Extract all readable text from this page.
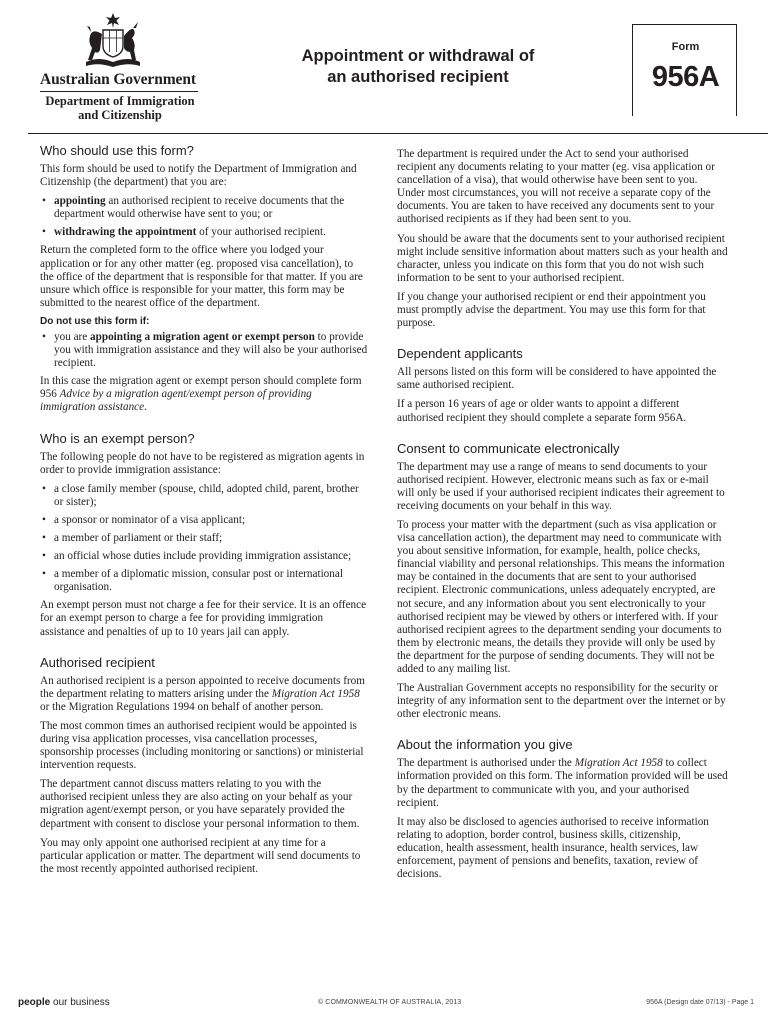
Australian Government
Department of Immigration
and Citizenship
Appointment or withdrawal of
an authorised recipient
Form
956A
Who should use this form?

This form should be used to notify the Department of Immigration and Citizenship (the department) that you are:

• appointing an authorised recipient to receive documents that the department would otherwise have sent to you; or
• withdrawing the appointment of your authorised recipient.

Return the completed form to the office where you lodged your application or for any other matter (eg. proposed visa cancellation), to the office of the department that is responsible for that matter. If you are unsure which office is responsible for your matter, this form may be submitted to the nearest office of the department.

Do not use this form if:
• you are appointing a migration agent or exempt person to provide you with immigration assistance and they will also be your authorised recipient.

In this case the migration agent or exempt person should complete form 956 Advice by a migration agent/exempt person of providing immigration assistance.

Who is an exempt person?

The following people do not have to be registered as migration agents in order to provide immigration assistance:

• a close family member (spouse, child, adopted child, parent, brother or sister);
• a sponsor or nominator of a visa applicant;
• a member of parliament or their staff;
• an official whose duties include providing immigration assistance;
• a member of a diplomatic mission, consular post or international organisation.

An exempt person must not charge a fee for their service. It is an offence for an exempt person to charge a fee for providing immigration assistance and penalties of up to 10 years jail can apply.

Authorised recipient

An authorised recipient is a person appointed to receive documents from the department relating to matters arising under the Migration Act 1958 or the Migration Regulations 1994 on behalf of another person.

The most common times an authorised recipient would be appointed is during visa application processes, visa cancellation processes, sponsorship processes (including monitoring or sanctions) or ministerial intervention requests.

The department cannot discuss matters relating to you with the authorised recipient unless they are also acting on your behalf as your migration agent/exempt person, or you have separately provided the department with consent to disclose your personal information to them.

You may only appoint one authorised recipient at any time for a particular application or matter. The department will send documents to the most recently appointed authorised recipient.

The department is required under the Act to send your authorised recipient any documents relating to your matter (eg. visa application or cancellation of a visa), that would otherwise have been sent to you. Under most circumstances, you will not receive a separate copy of the documents. You are taken to have received any documents sent to your authorised recipients as if they had been sent to you.

You should be aware that the documents sent to your authorised recipient might include sensitive information about matters such as your health and character, unless you indicate on this form that you do not wish such information to be sent to your authorised recipient.

If you change your authorised recipient or end their appointment you must promptly advise the department. You may use this form for that purpose.

Dependent applicants

All persons listed on this form will be considered to have appointed the same authorised recipient.

If a person 16 years of age or older wants to appoint a different authorised recipient they should complete a separate form 956A.

Consent to communicate electronically

The department may use a range of means to send documents to your authorised recipient. However, electronic means such as fax or e-mail will only be used if your authorised recipient indicates their agreement to receiving documents on your behalf in this way.

To process your matter with the department (such as visa application or visa cancellation action), the department may need to communicate with you about sensitive information, for example, health, police checks, financial viability and personal relationships. This means the information may be contained in the documents that are sent to your authorised recipient. Electronic communications, unless adequately encrypted, are not secure, and any information about you sent electronically to your authorised recipient may be viewed by others or interfered with. If your authorised recipient agrees to the department sending your documents to them by electronic means, the details they provide will only be used by the department for the purpose of sending documents. They will not be added to any mailing list.

The Australian Government accepts no responsibility for the security or integrity of any information sent to the department over the internet or by other electronic means.

About the information you give

The department is authorised under the Migration Act 1958 to collect information provided on this form. The information provided will be used by the department to communicate with you, and your authorised recipient.

It may also be disclosed to agencies authorised to receive information relating to adoption, border control, business skills, citizenship, education, health assessment, health insurance, health services, law enforcement, payment of pensions and benefits, taxation, review of decisions.

people our business	© COMMONWEALTH OF AUSTRALIA, 2013	956A (Design date 07/13) - Page 1
